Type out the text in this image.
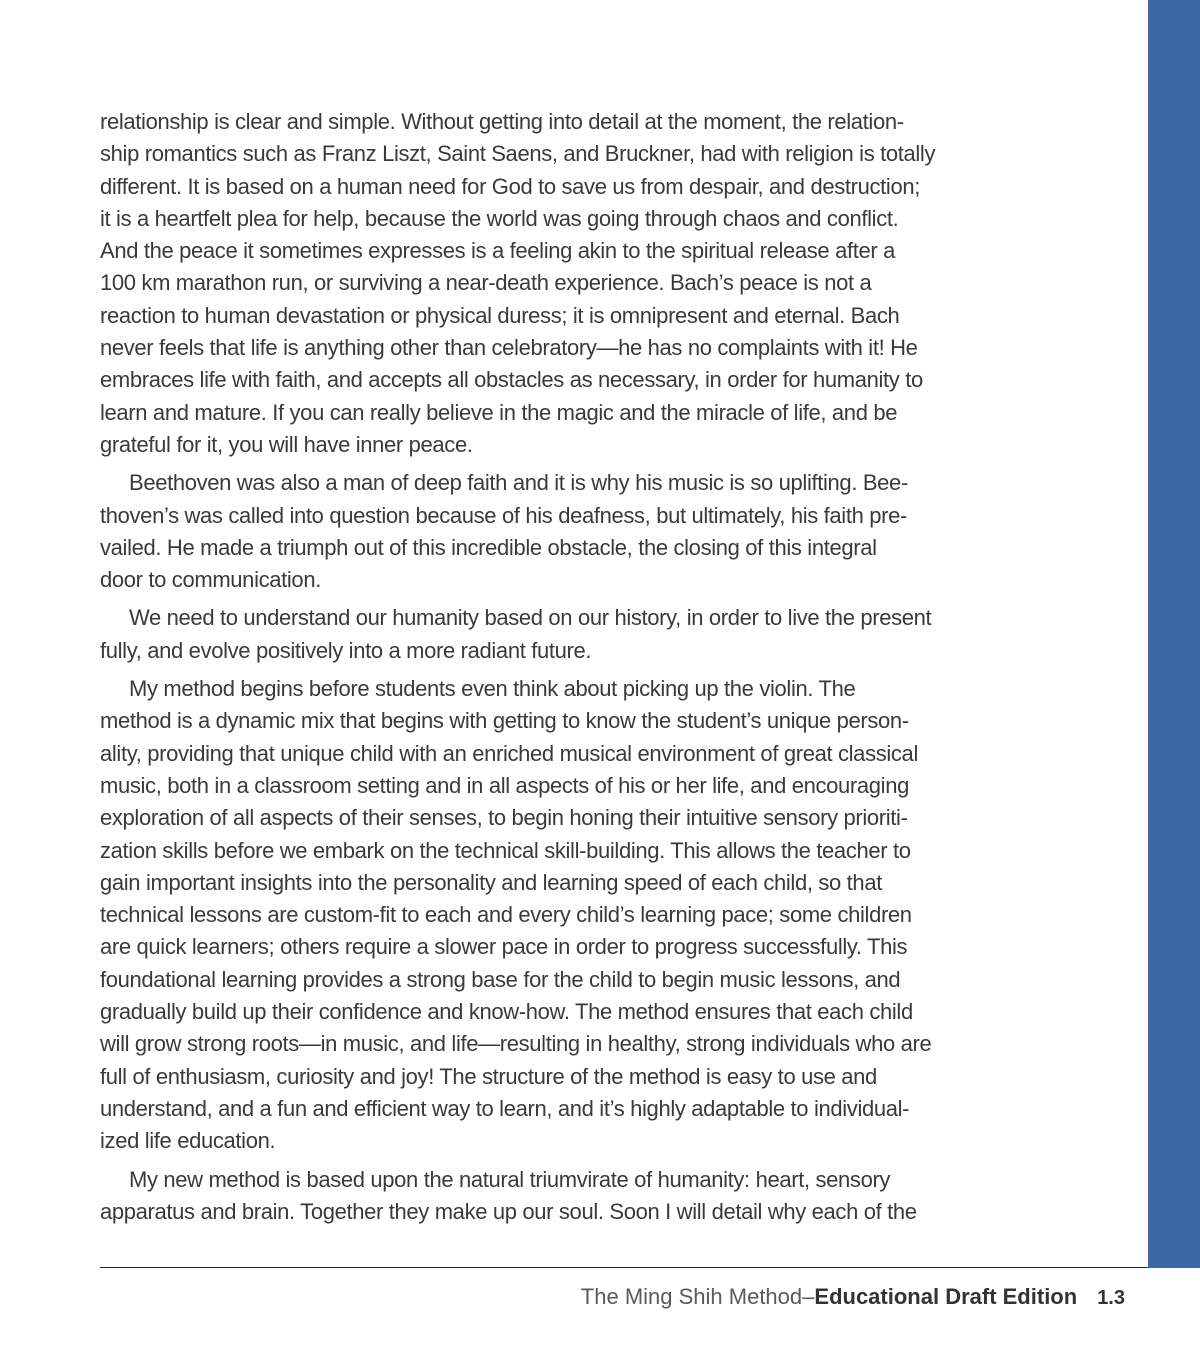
relationship is clear and simple. Without getting into detail at the moment, the relation-
ship romantics such as Franz Liszt, Saint Saens, and Bruckner, had with religion is totally
different. It is based on a human need for God to save us from despair, and destruction;
it is a heartfelt plea for help, because the world was going through chaos and conflict.
And the peace it sometimes expresses is a feeling akin to the spiritual release after a
100 km marathon run, or surviving a near-death experience. Bach’s peace is not a
reaction to human devastation or physical duress; it is omnipresent and eternal. Bach
never feels that life is anything other than celebratory—he has no complaints with it! He
embraces life with faith, and accepts all obstacles as necessary, in order for humanity to
learn and mature. If you can really believe in the magic and the miracle of life, and be
grateful for it, you will have inner peace.
Beethoven was also a man of deep faith and it is why his music is so uplifting. Bee-
thoven’s was called into question because of his deafness, but ultimately, his faith pre-
vailed. He made a triumph out of this incredible obstacle, the closing of this integral
door to communication.
We need to understand our humanity based on our history, in order to live the present
fully, and evolve positively into a more radiant future.
My method begins before students even think about picking up the violin. The
method is a dynamic mix that begins with getting to know the student’s unique person-
ality, providing that unique child with an enriched musical environment of great classical
music, both in a classroom setting and in all aspects of his or her life, and encouraging
exploration of all aspects of their senses, to begin honing their intuitive sensory prioriti-
zation skills before we embark on the technical skill-building. This allows the teacher to
gain important insights into the personality and learning speed of each child, so that
technical lessons are custom-fit to each and every child’s learning pace; some children
are quick learners; others require a slower pace in order to progress successfully. This
foundational learning provides a strong base for the child to begin music lessons, and
gradually build up their confidence and know-how. The method ensures that each child
will grow strong roots—in music, and life—resulting in healthy, strong individuals who are
full of enthusiasm, curiosity and joy! The structure of the method is easy to use and
understand, and a fun and efficient way to learn, and it’s highly adaptable to individual-
ized life education.
My new method is based upon the natural triumvirate of humanity: heart, sensory
apparatus and brain. Together they make up our soul. Soon I will detail why each of the
The Ming Shih Method–Educational Draft Edition 1.3
